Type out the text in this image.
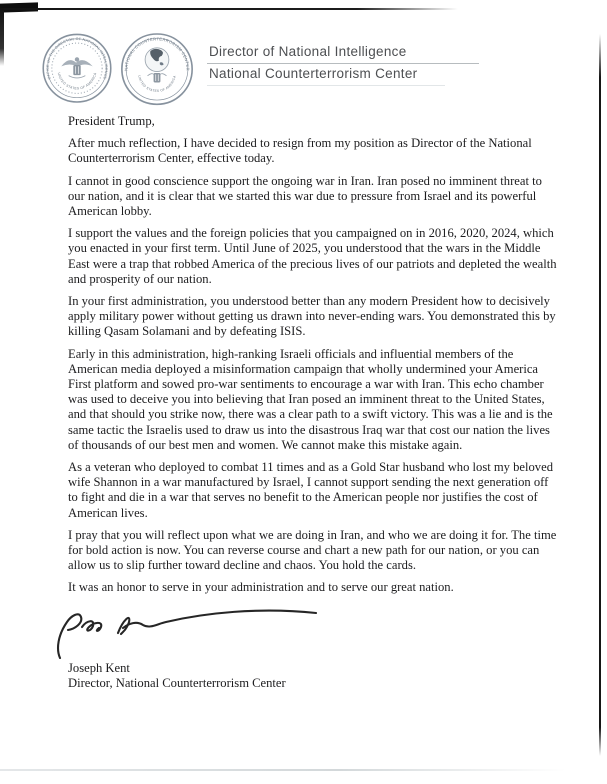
OFFICE OF THE DIRECTOR OF NATIONAL INTELLIGENCE
UNITED STATES OF AMERICA
NATIONAL COUNTERTERRORISM CENTER
UNITED STATES OF AMERICA
Director of National Intelligence
National Counterterrorism Center

President Trump,

After much reflection, I have decided to resign from my position as Director of the National Counterterrorism Center, effective today.

I cannot in good conscience support the ongoing war in Iran. Iran posed no imminent threat to our nation, and it is clear that we started this war due to pressure from Israel and its powerful American lobby.

I support the values and the foreign policies that you campaigned on in 2016, 2020, 2024, which you enacted in your first term. Until June of 2025, you understood that the wars in the Middle East were a trap that robbed America of the precious lives of our patriots and depleted the wealth and prosperity of our nation.

In your first administration, you understood better than any modern President how to decisively apply military power without getting us drawn into never-ending wars. You demonstrated this by killing Qasam Solamani and by defeating ISIS.

Early in this administration, high-ranking Israeli officials and influential members of the American media deployed a misinformation campaign that wholly undermined your America First platform and sowed pro-war sentiments to encourage a war with Iran. This echo chamber was used to deceive you into believing that Iran posed an imminent threat to the United States, and that should you strike now, there was a clear path to a swift victory. This was a lie and is the same tactic the Israelis used to draw us into the disastrous Iraq war that cost our nation the lives of thousands of our best men and women. We cannot make this mistake again.

As a veteran who deployed to combat 11 times and as a Gold Star husband who lost my beloved wife Shannon in a war manufactured by Israel, I cannot support sending the next generation off to fight and die in a war that serves no benefit to the American people nor justifies the cost of American lives.

I pray that you will reflect upon what we are doing in Iran, and who we are doing it for. The time for bold action is now. You can reverse course and chart a new path for our nation, or you can allow us to slip further toward decline and chaos. You hold the cards.

It was an honor to serve in your administration and to serve our great nation.

Joseph Kent
Director, National Counterterrorism Center
